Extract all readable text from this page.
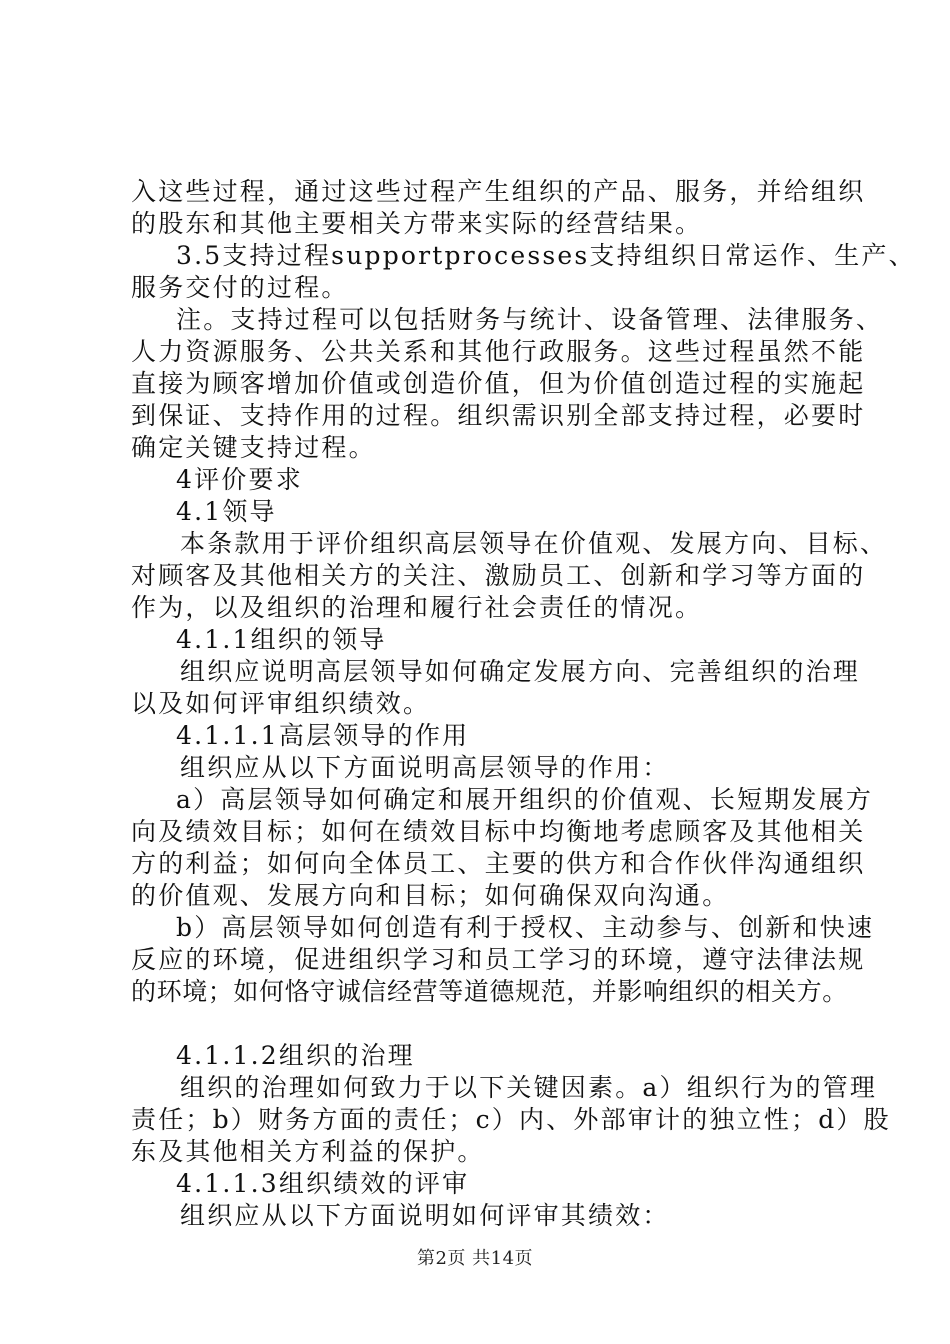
入这些过程，通过这些过程产生组织的产品、服务，并给组织
的股东和其他主要相关方带来实际的经营结果。
3.5支持过程supportprocesses支持组织日常运作、生产、
服务交付的过程。
注。支持过程可以包括财务与统计、设备管理、法律服务、
人力资源服务、公共关系和其他行政服务。这些过程虽然不能
直接为顾客增加价值或创造价值，但为价值创造过程的实施起
到保证、支持作用的过程。组织需识别全部支持过程，必要时
确定关键支持过程。
4评价要求
4.1领导
本条款用于评价组织高层领导在价值观、发展方向、目标、
对顾客及其他相关方的关注、激励员工、创新和学习等方面的
作为，以及组织的治理和履行社会责任的情况。
4.1.1组织的领导
组织应说明高层领导如何确定发展方向、完善组织的治理
以及如何评审组织绩效。
4.1.1.1高层领导的作用
组织应从以下方面说明高层领导的作用：
a）高层领导如何确定和展开组织的价值观、长短期发展方
向及绩效目标；如何在绩效目标中均衡地考虑顾客及其他相关
方的利益；如何向全体员工、主要的供方和合作伙伴沟通组织
的价值观、发展方向和目标；如何确保双向沟通。
b）高层领导如何创造有利于授权、主动参与、创新和快速
反应的环境，促进组织学习和员工学习的环境，遵守法律法规
的环境；如何恪守诚信经营等道德规范，并影响组织的相关方。
4.1.1.2组织的治理
组织的治理如何致力于以下关键因素。a）组织行为的管理
责任；b）财务方面的责任；c）内、外部审计的独立性；d）股
东及其他相关方利益的保护。
4.1.1.3组织绩效的评审
组织应从以下方面说明如何评审其绩效：
第2页 共14页
